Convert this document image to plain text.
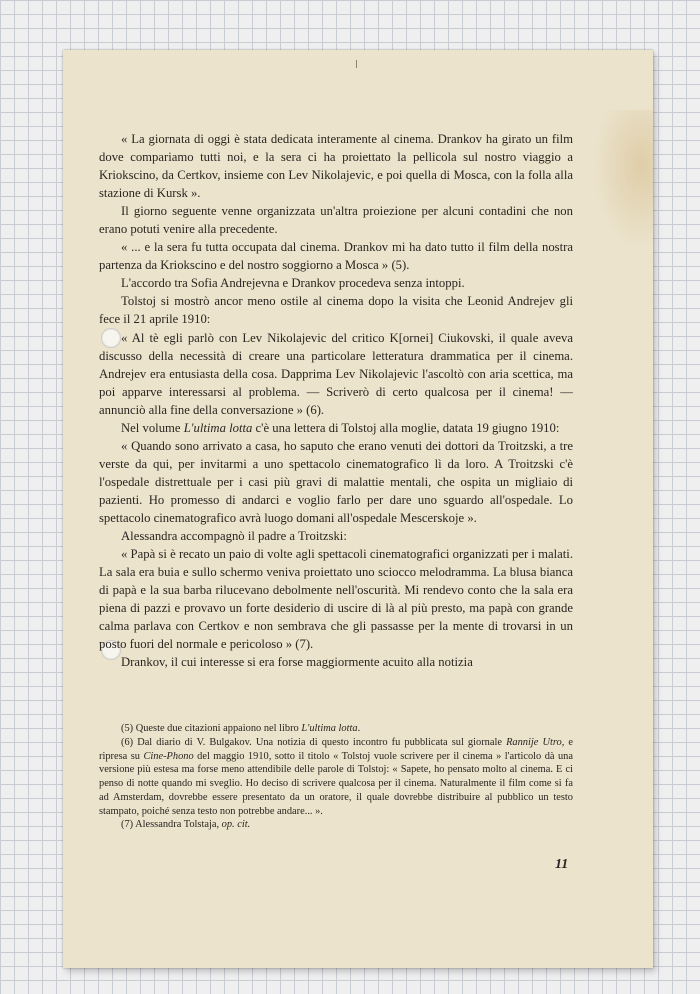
« La giornata di oggi è stata dedicata interamente al cinema. Drankov ha girato un film dove compariamo tutti noi, e la sera ci ha proiettato la pellicola sul nostro viaggio a Kriokscino, da Certkov, insieme con Lev Nikolajevic, e poi quella di Mosca, con la folla alla stazione di Kursk ».

Il giorno seguente venne organizzata un'altra proiezione per alcuni contadini che non erano potuti venire alla precedente.

« ... e la sera fu tutta occupata dal cinema. Drankov mi ha dato tutto il film della nostra partenza da Kriokscino e del nostro soggiorno a Mosca » (5).

L'accordo tra Sofia Andrejevna e Drankov procedeva senza intoppi.

Tolstoj si mostrò ancor meno ostile al cinema dopo la visita che Leonid Andrejev gli fece il 21 aprile 1910:

« Al tè egli parlò con Lev Nikolajevic del critico K[ornei] Ciukovski, il quale aveva discusso della necessità di creare una particolare letteratura drammatica per il cinema. Andrejev era entusiasta della cosa. Dapprima Lev Nikolajevic l'ascoltò con aria scettica, ma poi apparve interessarsi al problema. — Scriverò di certo qualcosa per il cinema! — annunciò alla fine della conversazione » (6).

Nel volume L'ultima lotta c'è una lettera di Tolstoj alla moglie, datata 19 giugno 1910:

« Quando sono arrivato a casa, ho saputo che erano venuti dei dottori da Troitzski, a tre verste da qui, per invitarmi a uno spettacolo cinematografico lì da loro. A Troitzski c'è l'ospedale distrettuale per i casi più gravi di malattie mentali, che ospita un migliaio di pazienti. Ho promesso di andarci e voglio farlo per dare uno sguardo all'ospedale. Lo spettacolo cinematografico avrà luogo domani all'ospedale Mescerskoje ».

Alessandra accompagnò il padre a Troitzski:

« Papà si è recato un paio di volte agli spettacoli cinematografici organizzati per i malati. La sala era buia e sullo schermo veniva proiettato uno sciocco melodramma. La blusa bianca di papà e la sua barba rilucevano debolmente nell'oscurità. Mi rendevo conto che la sala era piena di pazzi e provavo un forte desiderio di uscire di là al più presto, ma papà con grande calma parlava con Certkov e non sembrava che gli passasse per la mente di trovarsi in un posto fuori del normale e pericoloso » (7).

Drankov, il cui interesse si era forse maggiormente acuito alla notizia

(5) Queste due citazioni appaiono nel libro L'ultima lotta.

(6) Dal diario di V. Bulgakov. Una notizia di questo incontro fu pubblicata sul giornale Rannije Utro, e ripresa su Cine-Phono del maggio 1910, sotto il titolo « Tolstoj vuole scrivere per il cinema » l'articolo dà una versione più estesa ma forse meno attendibile delle parole di Tolstoj: « Sapete, ho pensato molto al cinema. E ci penso di notte quando mi sveglio. Ho deciso di scrivere qualcosa per il cinema. Naturalmente il film come si fa ad Amsterdam, dovrebbe essere presentato da un oratore, il quale dovrebbe distribuire al pubblico un testo stampato, poiché senza testo non potrebbe andare... ».

(7) Alessandra Tolstaja, op. cit.

11
